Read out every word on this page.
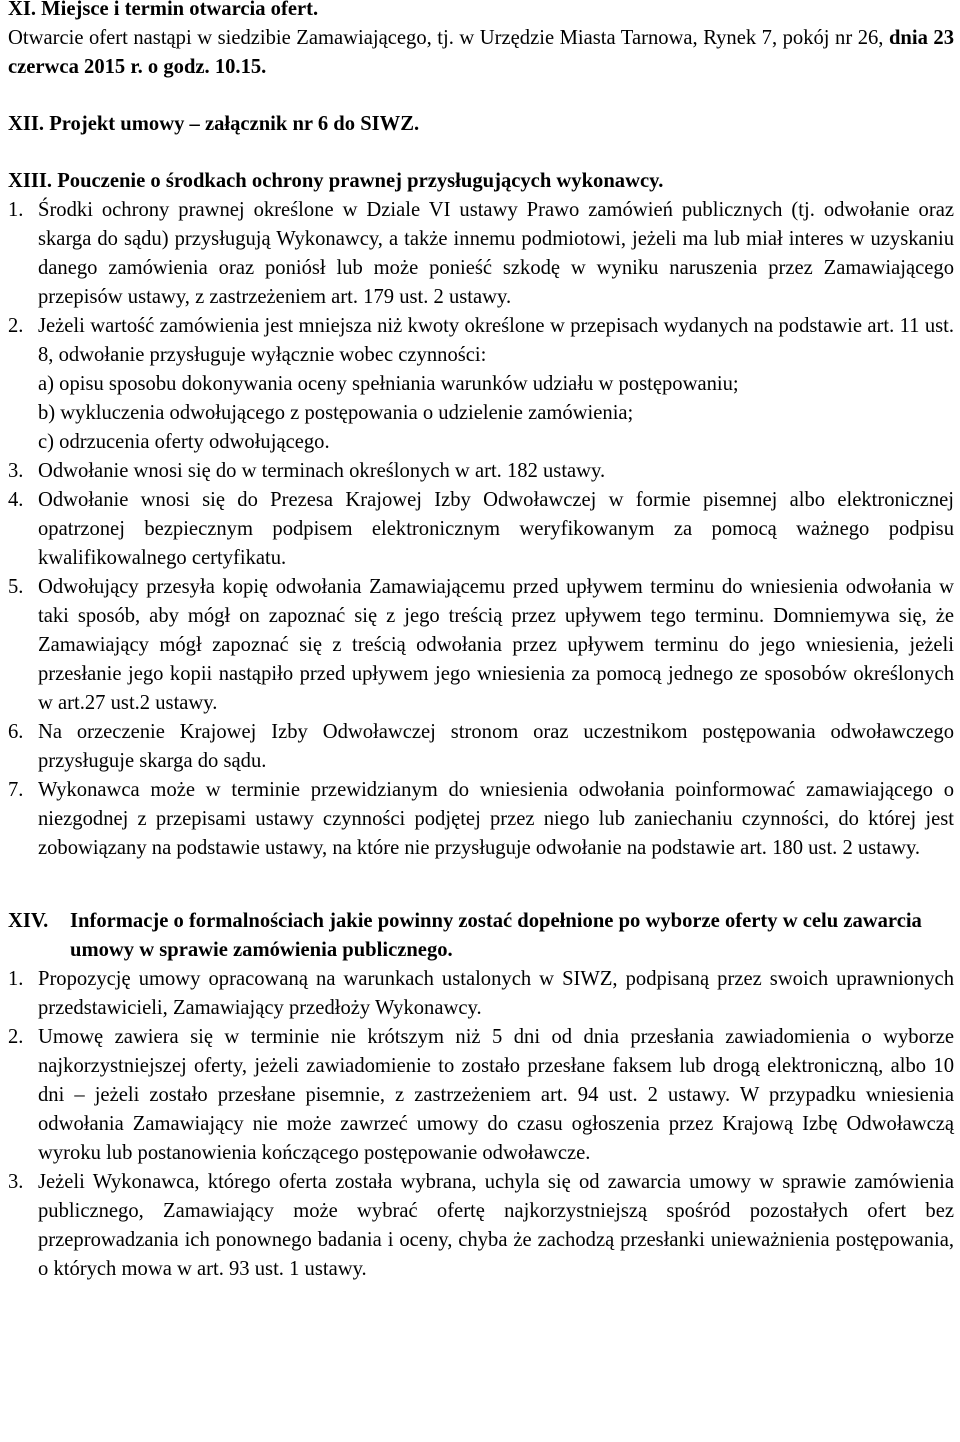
XI. Miejsce i termin otwarcia ofert.

Otwarcie ofert nastąpi w siedzibie Zamawiającego, tj. w Urzędzie Miasta Tarnowa, Rynek 7, pokój nr 26, dnia 23 czerwca 2015 r. o godz. 10.15.

XII. Projekt umowy – załącznik nr 6 do SIWZ.

XIII. Pouczenie o środkach ochrony prawnej przysługujących wykonawcy.

1. Środki ochrony prawnej określone w Dziale VI ustawy Prawo zamówień publicznych (tj. odwołanie oraz skarga do sądu) przysługują Wykonawcy, a także innemu podmiotowi, jeżeli ma lub miał interes w uzyskaniu danego zamówienia oraz poniósł lub może ponieść szkodę w wyniku naruszenia przez Zamawiającego przepisów ustawy, z zastrzeżeniem art. 179 ust. 2 ustawy.

2. Jeżeli wartość zamówienia jest mniejsza niż kwoty określone w przepisach wydanych na podstawie art. 11 ust. 8, odwołanie przysługuje wyłącznie wobec czynności:

a) opisu sposobu dokonywania oceny spełniania warunków udziału w postępowaniu;

b) wykluczenia odwołującego z postępowania o udzielenie zamówienia;

c) odrzucenia oferty odwołującego.

3. Odwołanie wnosi się do w terminach określonych w art. 182 ustawy.

4. Odwołanie wnosi się do Prezesa Krajowej Izby Odwoławczej w formie pisemnej albo elektronicznej opatrzonej bezpiecznym podpisem elektronicznym weryfikowanym za pomocą ważnego podpisu kwalifikowalnego certyfikatu.

5. Odwołujący przesyła kopię odwołania Zamawiającemu przed upływem terminu do wniesienia odwołania w taki sposób, aby mógł on zapoznać się z jego treścią przez upływem tego terminu. Domniemywa się, że Zamawiający mógł zapoznać się z treścią odwołania przez upływem terminu do jego wniesienia, jeżeli przesłanie jego kopii nastąpiło przed upływem jego wniesienia za pomocą jednego ze sposobów określonych w art.27 ust.2 ustawy.

6. Na orzeczenie Krajowej Izby Odwoławczej stronom oraz uczestnikom postępowania odwoławczego przysługuje skarga do sądu.

7. Wykonawca może w terminie przewidzianym do wniesienia odwołania poinformować zamawiającego o niezgodnej z przepisami ustawy czynności podjętej przez niego lub zaniechaniu czynności, do której jest zobowiązany na podstawie ustawy, na które nie przysługuje odwołanie na podstawie art. 180 ust. 2 ustawy.

XIV. Informacje o formalnościach jakie powinny zostać dopełnione po wyborze oferty w celu zawarcia umowy w sprawie zamówienia publicznego.

1. Propozycję umowy opracowaną na warunkach ustalonych w SIWZ, podpisaną przez swoich uprawnionych przedstawicieli, Zamawiający przedłoży Wykonawcy.

2. Umowę zawiera się w terminie nie krótszym niż 5 dni od dnia przesłania zawiadomienia o wyborze najkorzystniejszej oferty, jeżeli zawiadomienie to zostało przesłane faksem lub drogą elektroniczną, albo 10 dni – jeżeli zostało przesłane pisemnie, z zastrzeżeniem art. 94 ust. 2 ustawy. W przypadku wniesienia odwołania Zamawiający nie może zawrzeć umowy do czasu ogłoszenia przez Krajową Izbę Odwoławczą wyroku lub postanowienia kończącego postępowanie odwoławcze.

3. Jeżeli Wykonawca, którego oferta została wybrana, uchyla się od zawarcia umowy w sprawie zamówienia publicznego, Zamawiający może wybrać ofertę najkorzystniejszą spośród pozostałych ofert bez przeprowadzania ich ponownego badania i oceny, chyba że zachodzą przesłanki unieważnienia postępowania, o których mowa w art. 93 ust. 1 ustawy.
